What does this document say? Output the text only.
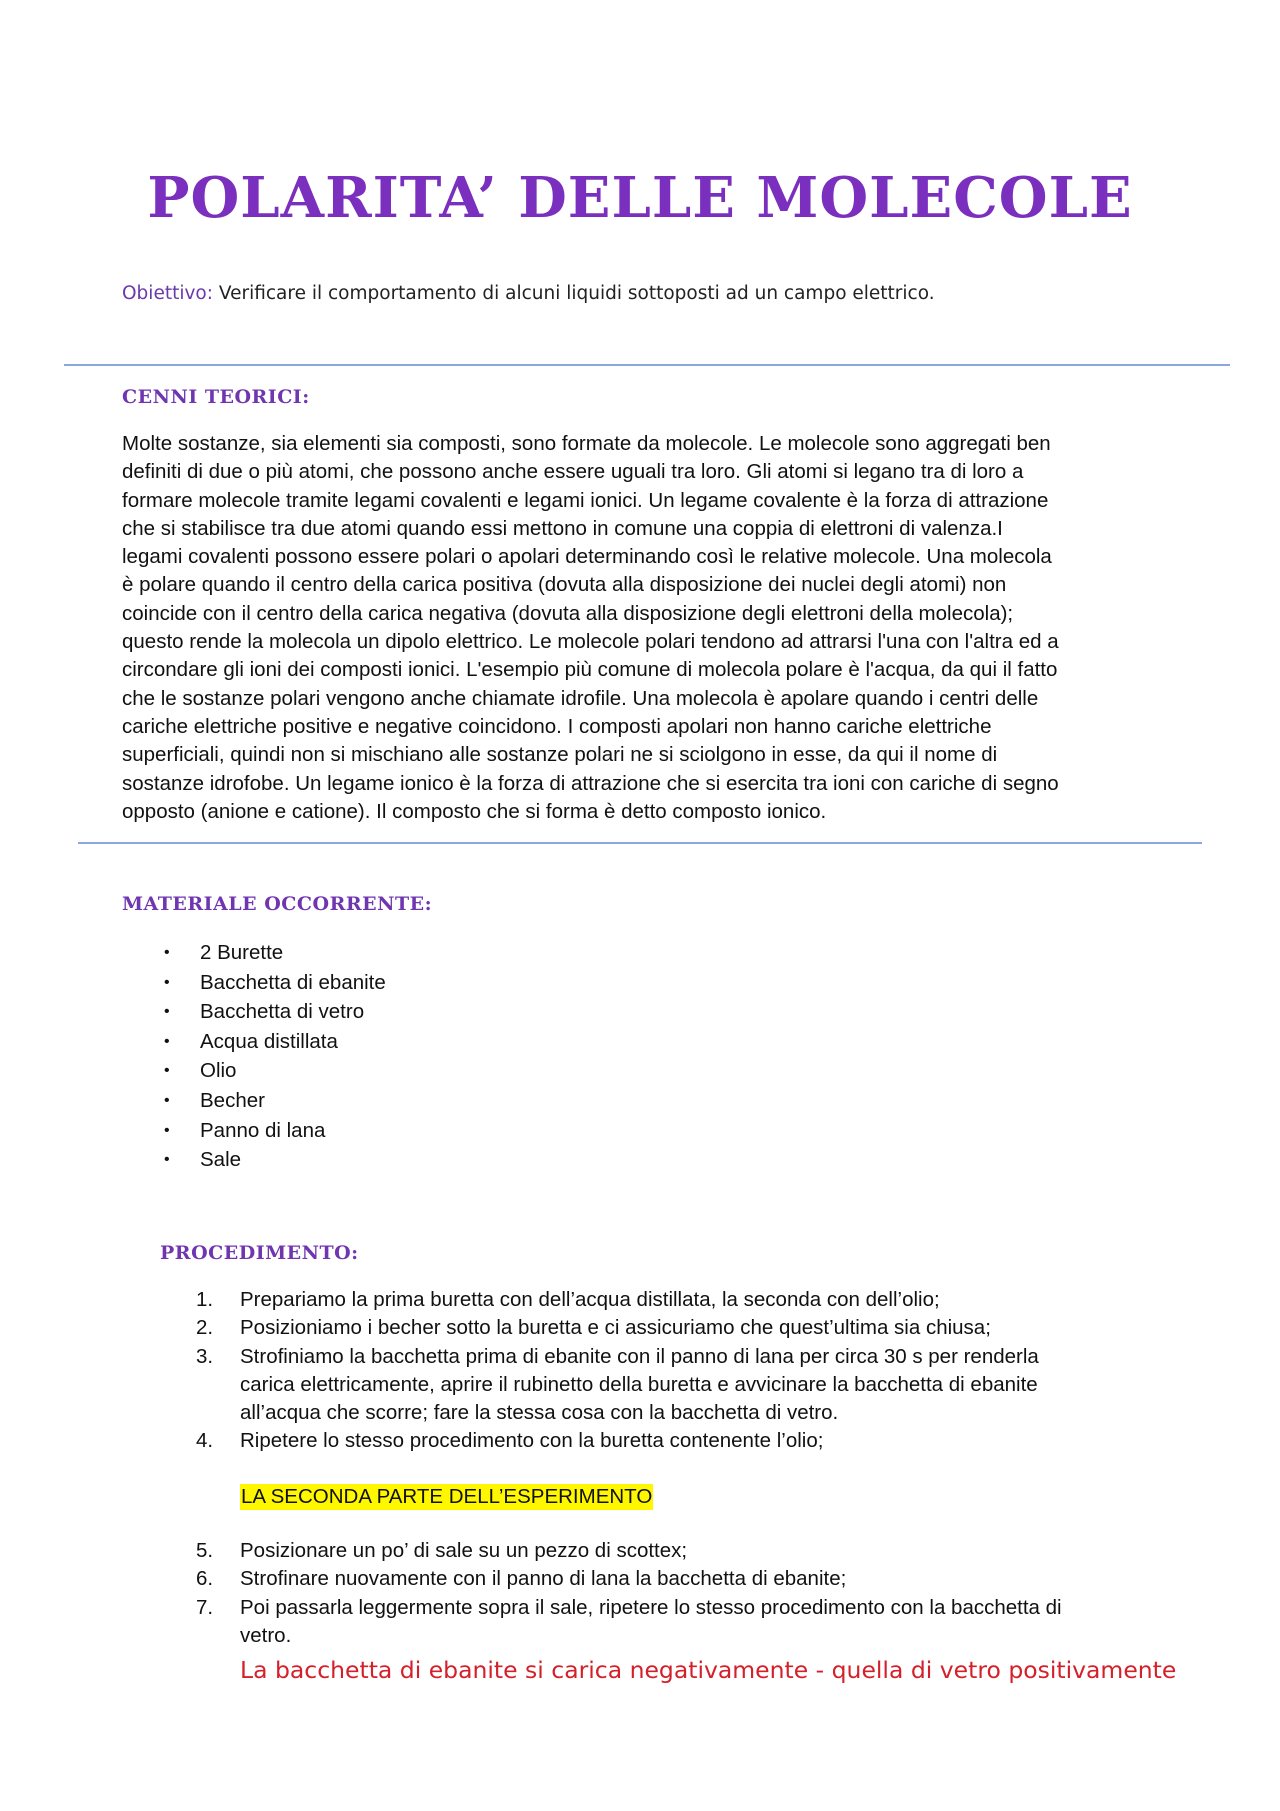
POLARITA’ DELLE MOLECOLE
Obiettivo: Verificare il comportamento di alcuni liquidi sottoposti ad un campo elettrico.
CENNI TEORICI:
Molte sostanze, sia elementi sia composti, sono formate da molecole. Le molecole sono aggregati ben
definiti di due o più atomi, che possono anche essere uguali tra loro. Gli atomi si legano tra di loro a
formare molecole tramite legami covalenti e legami ionici. Un legame covalente è la forza di attrazione
che si stabilisce tra due atomi quando essi mettono in comune una coppia di elettroni di valenza.I
legami covalenti possono essere polari o apolari determinando così le relative molecole. Una molecola
è polare quando il centro della carica positiva (dovuta alla disposizione dei nuclei degli atomi) non
coincide con il centro della carica negativa (dovuta alla disposizione degli elettroni della molecola);
questo rende la molecola un dipolo elettrico. Le molecole polari tendono ad attrarsi l'una con l'altra ed a
circondare gli ioni dei composti ionici. L'esempio più comune di molecola polare è l'acqua, da qui il fatto
che le sostanze polari vengono anche chiamate idrofile. Una molecola è apolare quando i centri delle
cariche elettriche positive e negative coincidono. I composti apolari non hanno cariche elettriche
superficiali, quindi non si mischiano alle sostanze polari ne si sciolgono in esse, da qui il nome di
sostanze idrofobe. Un legame ionico è la forza di attrazione che si esercita tra ioni con cariche di segno
opposto (anione e catione). Il composto che si forma è detto composto ionico.
MATERIALE OCCORRENTE:
• 2 Burette
• Bacchetta di ebanite
• Bacchetta di vetro
• Acqua distillata
• Olio
• Becher
• Panno di lana
• Sale
PROCEDIMENTO:
1. Prepariamo la prima buretta con dell’acqua distillata, la seconda con dell’olio;
2. Posizioniamo i becher sotto la buretta e ci assicuriamo che quest’ultima sia chiusa;
3. Strofiniamo la bacchetta prima di ebanite con il panno di lana per circa 30 s per renderla
carica elettricamente, aprire il rubinetto della buretta e avvicinare la bacchetta di ebanite
all’acqua che scorre; fare la stessa cosa con la bacchetta di vetro.
4. Ripetere lo stesso procedimento con la buretta contenente l’olio;
LA SECONDA PARTE DELL’ESPERIMENTO
5. Posizionare un po’ di sale su un pezzo di scottex;
6. Strofinare nuovamente con il panno di lana la bacchetta di ebanite;
7. Poi passarla leggermente sopra il sale, ripetere lo stesso procedimento con la bacchetta di
vetro.
La bacchetta di ebanite si carica negativamente - quella di vetro positivamente
